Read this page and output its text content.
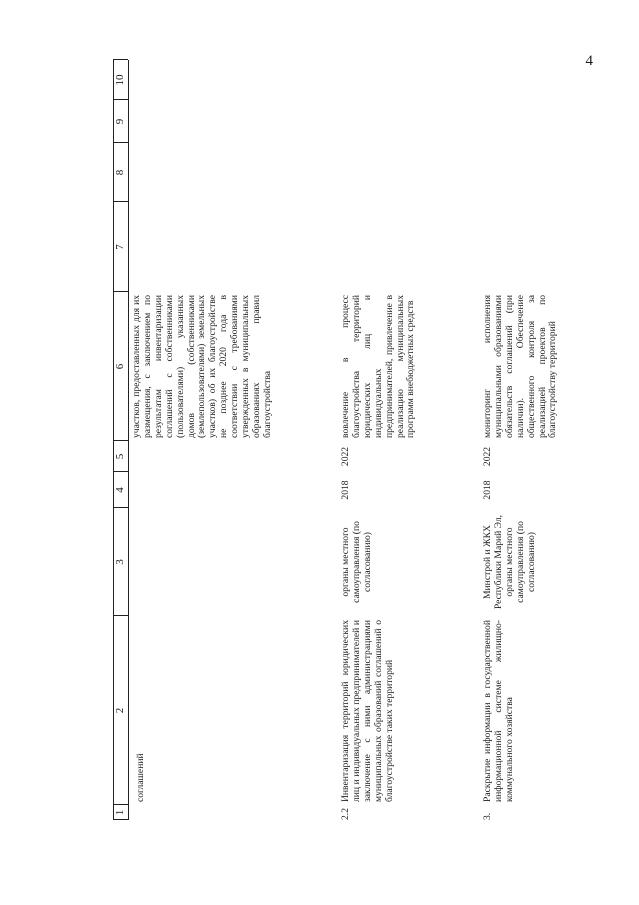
4
1
2
3
4
5
6
7
8
9
10
соглашений
участков, предоставленных для их размещения, с заключением по результатам инвентаризации соглашений с собственниками (пользователями) указанных домов (собственниками (землепользователями) земельных участков) об их благоустройстве не позднее 2020 года в соответствии с требованиями утвержденных в муниципальных образованиях правил благоустройства
2.2
Инвентаризация территорий юридических лиц и индивидуальных предпринимателей и заключение с ними администрациями муниципальных образований соглашений о благоустройстве таких территорий
органы местного самоуправления (по согласованию)
2018
2022
вовлечение в процесс благоустройства территорий юридических лиц и индивидуальных предпринимателей, привлечение в реализацию муниципальных программ внебюджетных средств
3.
Раскрытие информации в государственной информационной системе жилищно-коммунального хозяйства
Минстрой и ЖКХ Республики Марий Эл, органы местного самоуправления (по согласованию)
2018
2022
мониторинг исполнения муниципальными образованиями обязательств соглашений (при наличии). Обеспечение общественного контроля за реализацией проектов по благоустройству территорий
